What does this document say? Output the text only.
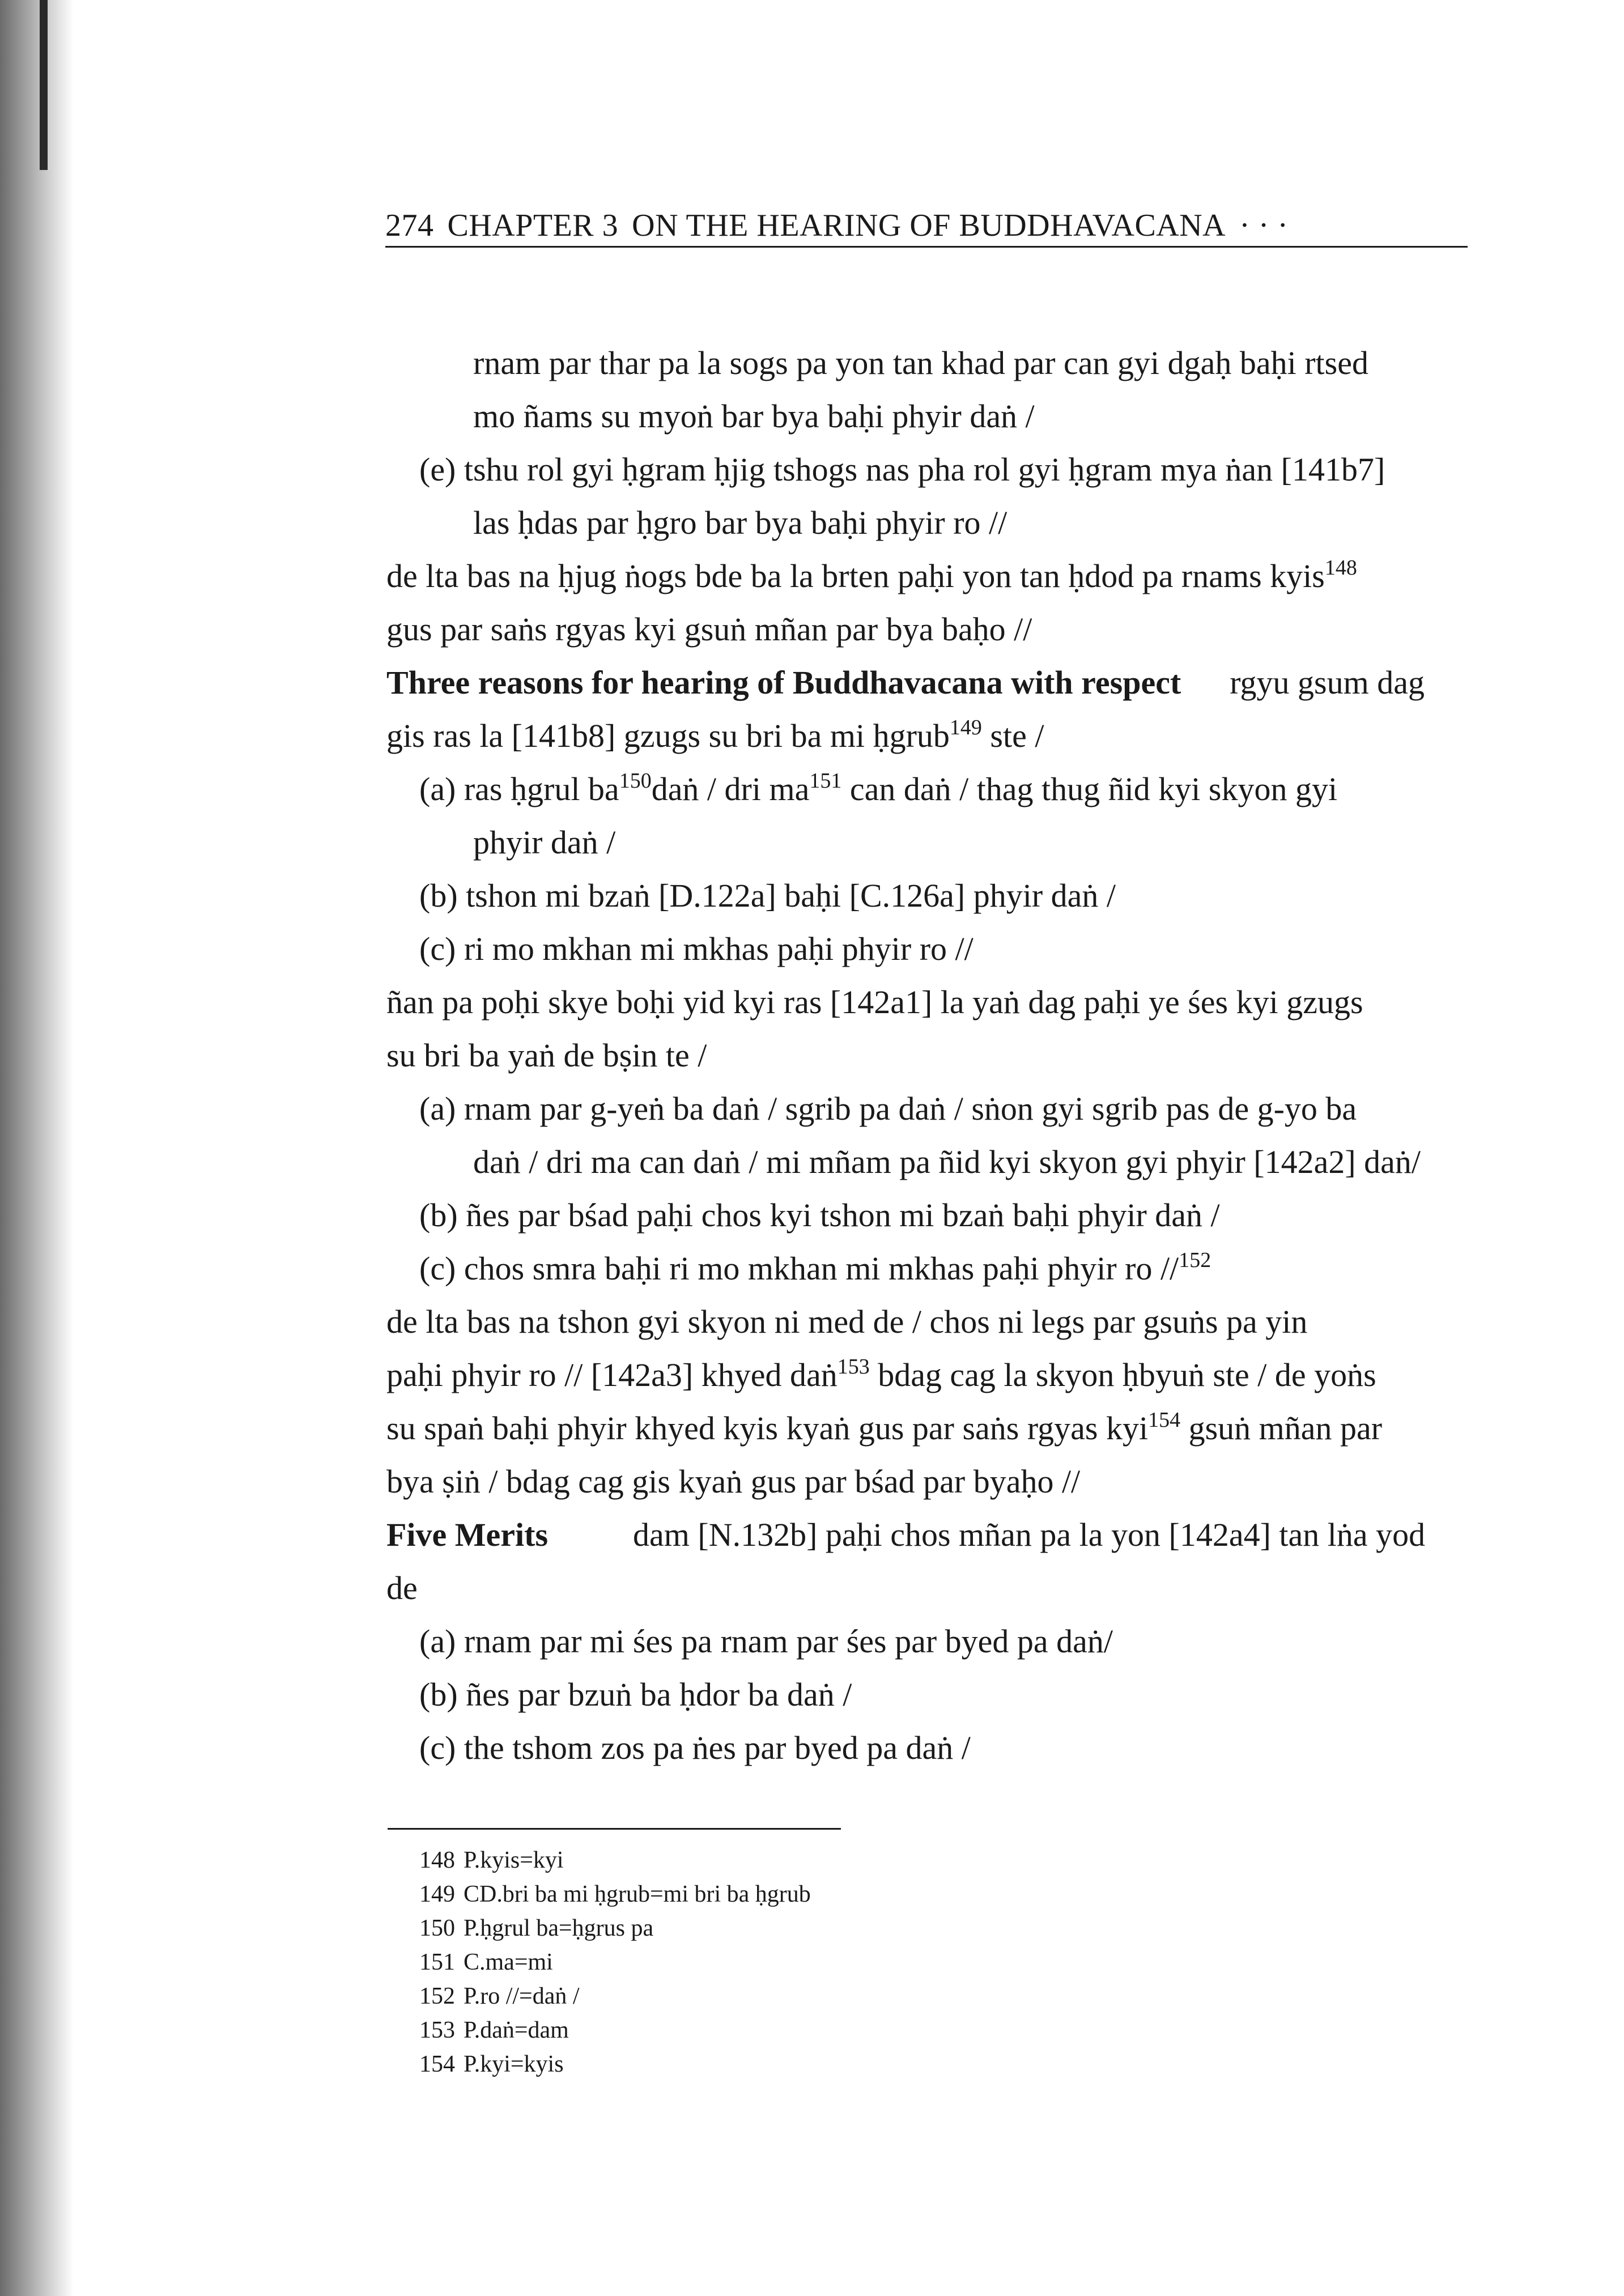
274 CHAPTER 3 ON THE HEARING OF BUDDHAVACANA · · ·
rnam par thar pa la sogs pa yon tan khad par can gyi dgaḥ baḥi rtsed
mo ñams su myoṅ bar bya baḥi phyir daṅ /
(e) tshu rol gyi ḥgram ḥjig tshogs nas pha rol gyi ḥgram mya ṅan [141b7]
las ḥdas par ḥgro bar bya baḥi phyir ro //
de lta bas na ḥjug ṅogs bde ba la brten paḥi yon tan ḥdod pa rnams kyis$^{148}$
gus par saṅs rgyas kyi gsuṅ mñan par bya baḥo //
Three reasons for hearing of Buddhavacana with respect rgyu gsum dag
gis ras la [141b8] gzugs su bri ba mi ḥgrub$^{149}$ ste /
(a) ras ḥgrul $ba^{150}daṅ$ / dri $ma^{151}$ can daṅ / thag thug ñid kyi skyon gyi
phyir daṅ /
(b) tshon mi bzaṅ [D.122a] baḥi [C.126a] phyir daṅ /
(c) ri mo mkhan mi mkhas paḥi phyir ro //
ñan pa poḥi skye boḥi yid kyi ras [142a1] la yaṅ dag paḥi ye śes kyi gzugs
su bri ba yaṅ de bṣin te /
(a) rnam par g-yeṅ ba daṅ / sgrib pa daṅ / sṅon gyi sgrib pas de g-yo ba
daṅ / dri ma can daṅ / mi mñam pa ñid kyi skyon gyi phyir [142a2] daṅ/
(b) ñes par bśad paḥi chos kyi tshon mi bzaṅ baḥi phyir daṅ /
(c) chos smra baḥi ri mo mkhan mi mkhas paḥi phyir ro //$^{152}$
de lta bas na tshon gyi skyon ni med de / chos ni legs par gsuṅs pa yin
paḥi phyir ro // [142a3] khyed daṅ$^{153}$ bdag cag la skyon ḥbyuṅ ste / de yoṅs
su spaṅ baḥi phyir khyed kyis kyaṅ gus par saṅs rgyas kyi$^{154}$ gsuṅ mñan par
bya ṣiṅ / bdag cag gis kyaṅ gus par bśad par byaḥo //
Five Merits	dam [N.132b] paḥi chos mñan pa la yon [142a4] tan lṅa yod
de
(a) rnam par mi śes pa rnam par śes par byed pa daṅ/
(b) ñes par bzuṅ ba ḥdor ba daṅ /
(c) the tshom zos pa ṅes par byed pa daṅ /
148 P.kyis=kyi
149 CD.bri ba mi ḥgrub=mi bri ba ḥgrub
150 P.ḥgrul ba=ḥgrus pa
151 C.ma=mi
152 P.ro //=daṅ /
153 P.daṅ=dam
154 P.kyi=kyis
